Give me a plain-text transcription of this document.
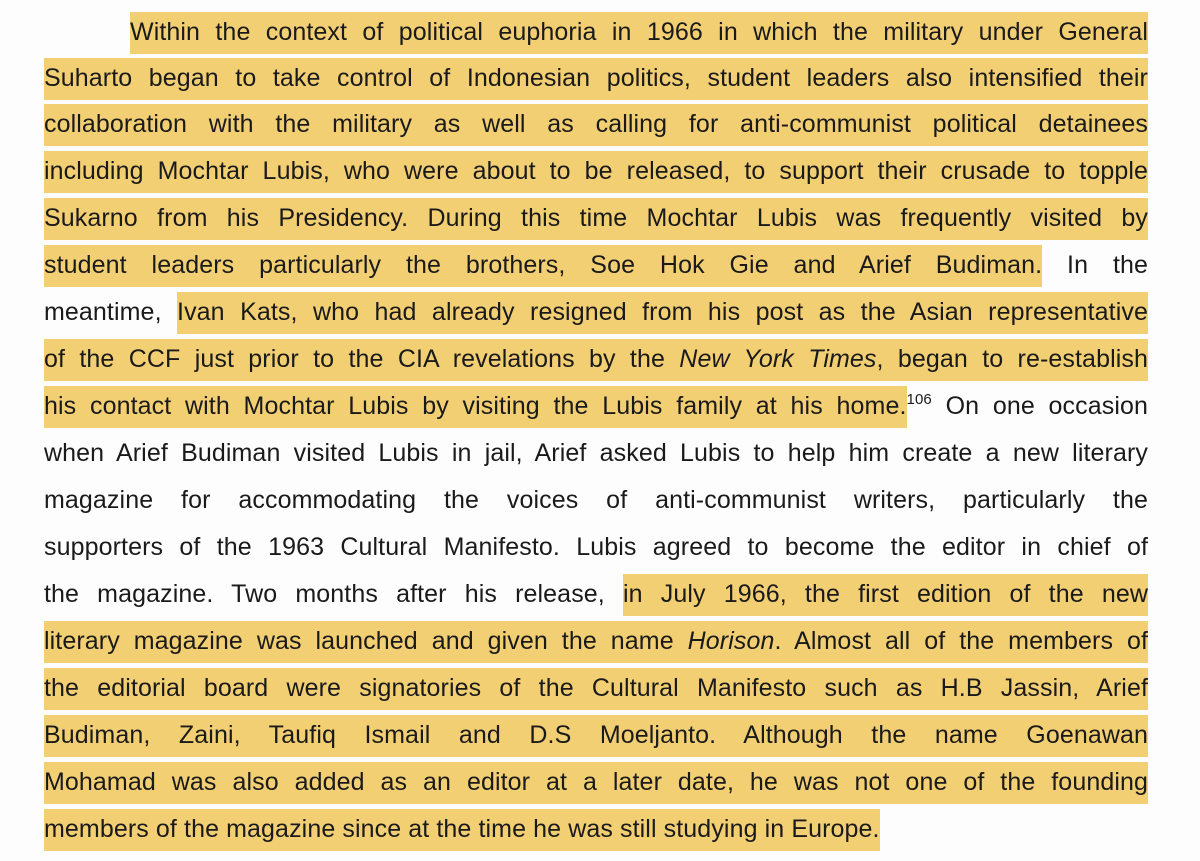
Within the context of political euphoria in 1966 in which the military under General
Suharto began to take control of Indonesian politics, student leaders also intensified their
collaboration with the military as well as calling for anti-communist political detainees
including Mochtar Lubis, who were about to be released, to support their crusade to topple
Sukarno from his Presidency. During this time Mochtar Lubis was frequently visited by
student leaders particularly the brothers, Soe Hok Gie and Arief Budiman. In the
meantime, Ivan Kats, who had already resigned from his post as the Asian representative
of the CCF just prior to the CIA revelations by the New York Times, began to re-establish
his contact with Mochtar Lubis by visiting the Lubis family at his home.$^{106}$ On one occasion
when Arief Budiman visited Lubis in jail, Arief asked Lubis to help him create a new literary
magazine for accommodating the voices of anti-communist writers, particularly the
supporters of the 1963 Cultural Manifesto. Lubis agreed to become the editor in chief of
the magazine. Two months after his release, in July 1966, the first edition of the new
literary magazine was launched and given the name Horison. Almost all of the members of
the editorial board were signatories of the Cultural Manifesto such as H.B Jassin, Arief
Budiman, Zaini, Taufiq Ismail and D.S Moeljanto. Although the name Goenawan
Mohamad was also added as an editor at a later date, he was not one of the founding
members of the magazine since at the time he was still studying in Europe.
